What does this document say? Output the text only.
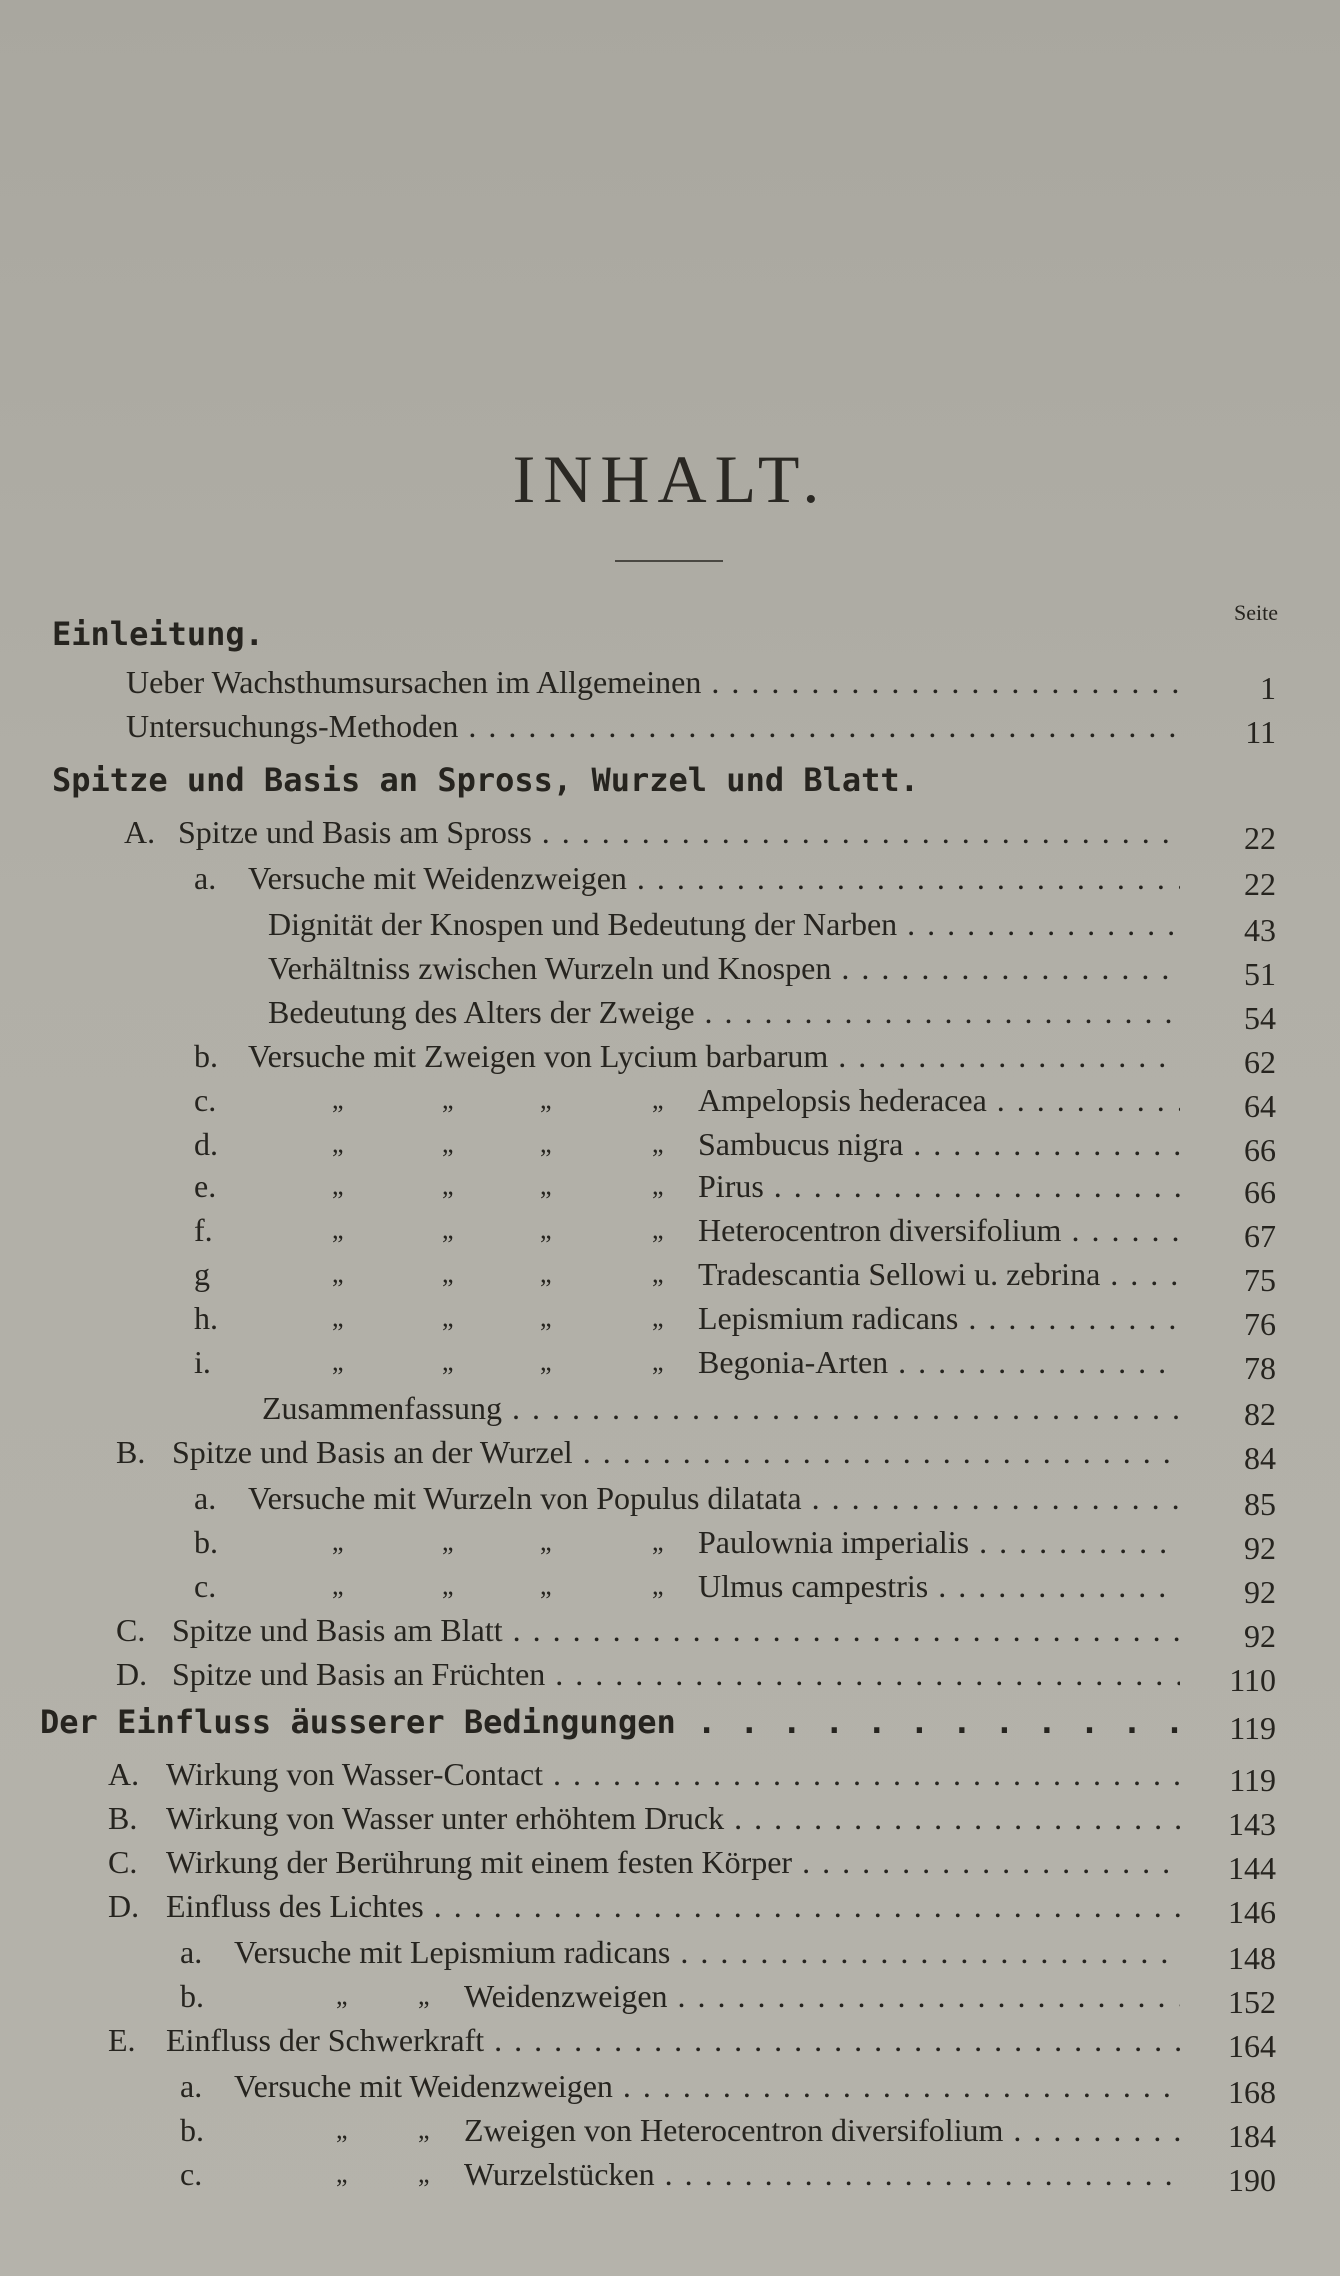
INHALT.
Seite
Einleitung.
Ueber Wachsthumsursachen im Allgemeinen . . .	1
Untersuchungs-Methoden . . .	11
Spitze und Basis an Spross, Wurzel und Blatt.
A. Spitze und Basis am Spross . . .	22
a. Versuche mit Weidenzweigen . . .	22
Dignität der Knospen und Bedeutung der Narben . . .	43
Verhältniss zwischen Wurzeln und Knospen . . .	51
Bedeutung des Alters der Zweige . . .	54
b. Versuche mit Zweigen von Lycium barbarum . . .	62
c.	„	„	„	„ Ampelopsis hederacea . . .	64
d.	„	„	„	„ Sambucus nigra . . .	66
e.	„	„	„	„ Pirus . . .	66
f.	„	„	„	„ Heterocentron diversifolium . . .	67
g	„	„	„	„ Tradescantia Sellowi u. zebrina . . .	75
h.	„	„	„	„ Lepismium radicans . . .	76
i.	„	„	„	„ Begonia-Arten . . .	78
Zusammenfassung . . .	82
B. Spitze und Basis an der Wurzel . . .	84
a. Versuche mit Wurzeln von Populus dilatata . . .	85
b.	„	„	„	„ Paulownia imperialis . . .	92
c.	„	„	„	„ Ulmus campestris . . .	92
C. Spitze und Basis am Blatt . . .	92
D. Spitze und Basis an Früchten . . .	110
Der Einfluss äusserer Bedingungen . . .	119
A. Wirkung von Wasser-Contact . . .	119
B. Wirkung von Wasser unter erhöhtem Druck . . .	143
C. Wirkung der Berührung mit einem festen Körper . . .	144
D. Einfluss des Lichtes . . .	146
a. Versuche mit Lepismium radicans . . .	148
b.	„	„ Weidenzweigen . . .	152
E. Einfluss der Schwerkraft . . .	164
a. Versuche mit Weidenzweigen . . .	168
b.	„	„ Zweigen von Heterocentron diversifolium . . .	184
c.	„	„ Wurzelstücken . . .	190
